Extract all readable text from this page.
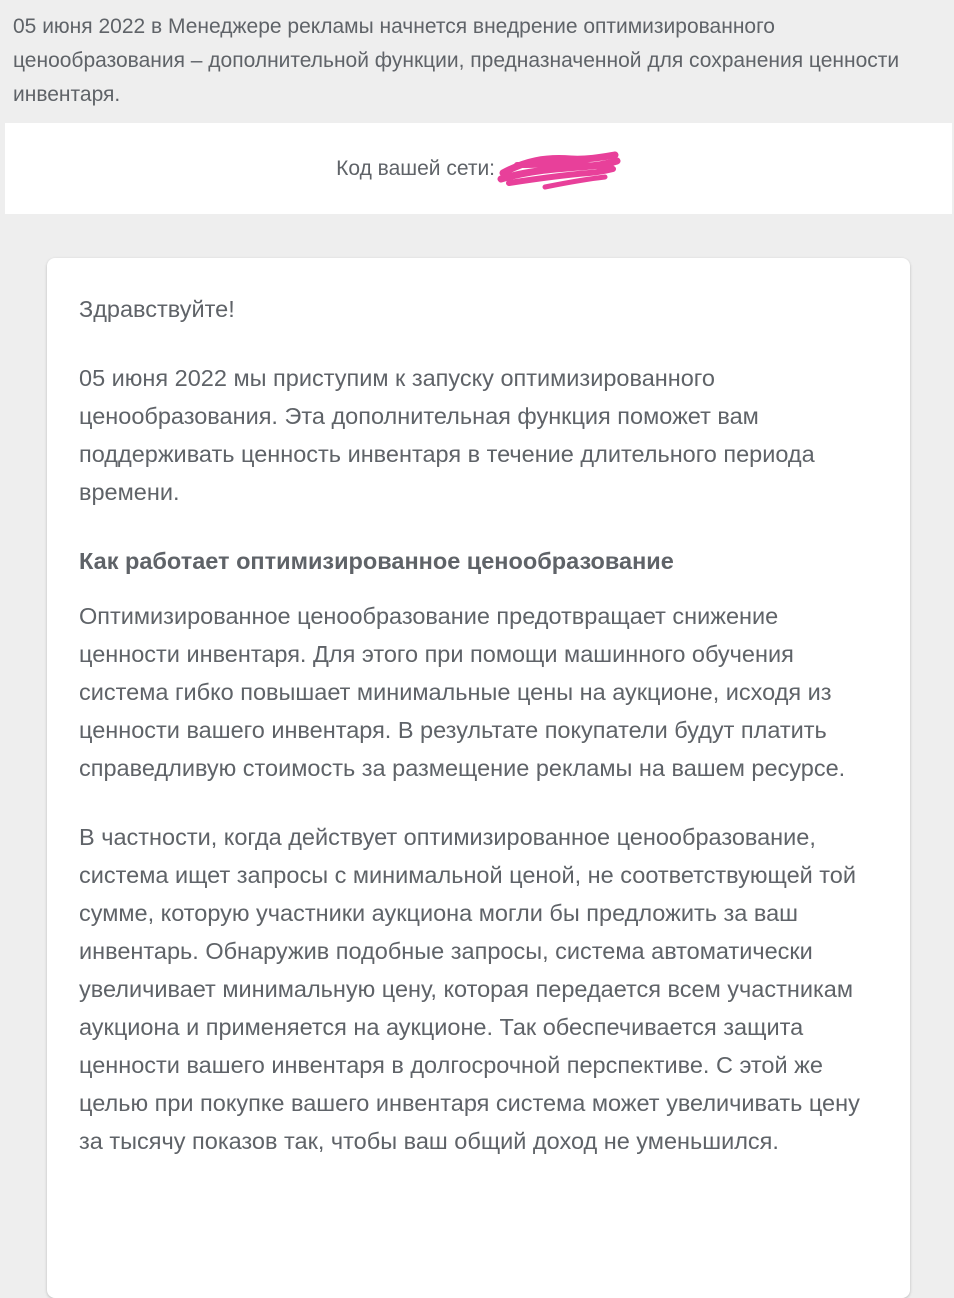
05 июня 2022 в Менеджере рекламы начнется внедрение оптимизированного ценообразования – дополнительной функции, предназначенной для сохранения ценности инвентаря.
Код вашей сети:

Здравствуйте!

05 июня 2022 мы приступим к запуску оптимизированного ценообразования. Эта дополнительная функция поможет вам поддерживать ценность инвентаря в течение длительного периода времени.

Как работает оптимизированное ценообразование

Оптимизированное ценообразование предотвращает снижение ценности инвентаря. Для этого при помощи машинного обучения система гибко повышает минимальные цены на аукционе, исходя из ценности вашего инвентаря. В результате покупатели будут платить справедливую стоимость за размещение рекламы на вашем ресурсе.

В частности, когда действует оптимизированное ценообразование, система ищет запросы с минимальной ценой, не соответствующей той сумме, которую участники аукциона могли бы предложить за ваш инвентарь. Обнаружив подобные запросы, система автоматически увеличивает минимальную цену, которая передается всем участникам аукциона и применяется на аукционе. Так обеспечивается защита ценности вашего инвентаря в долгосрочной перспективе. С этой же целью при покупке вашего инвентаря система может увеличивать цену за тысячу показов так, чтобы ваш общий доход не уменьшился.
